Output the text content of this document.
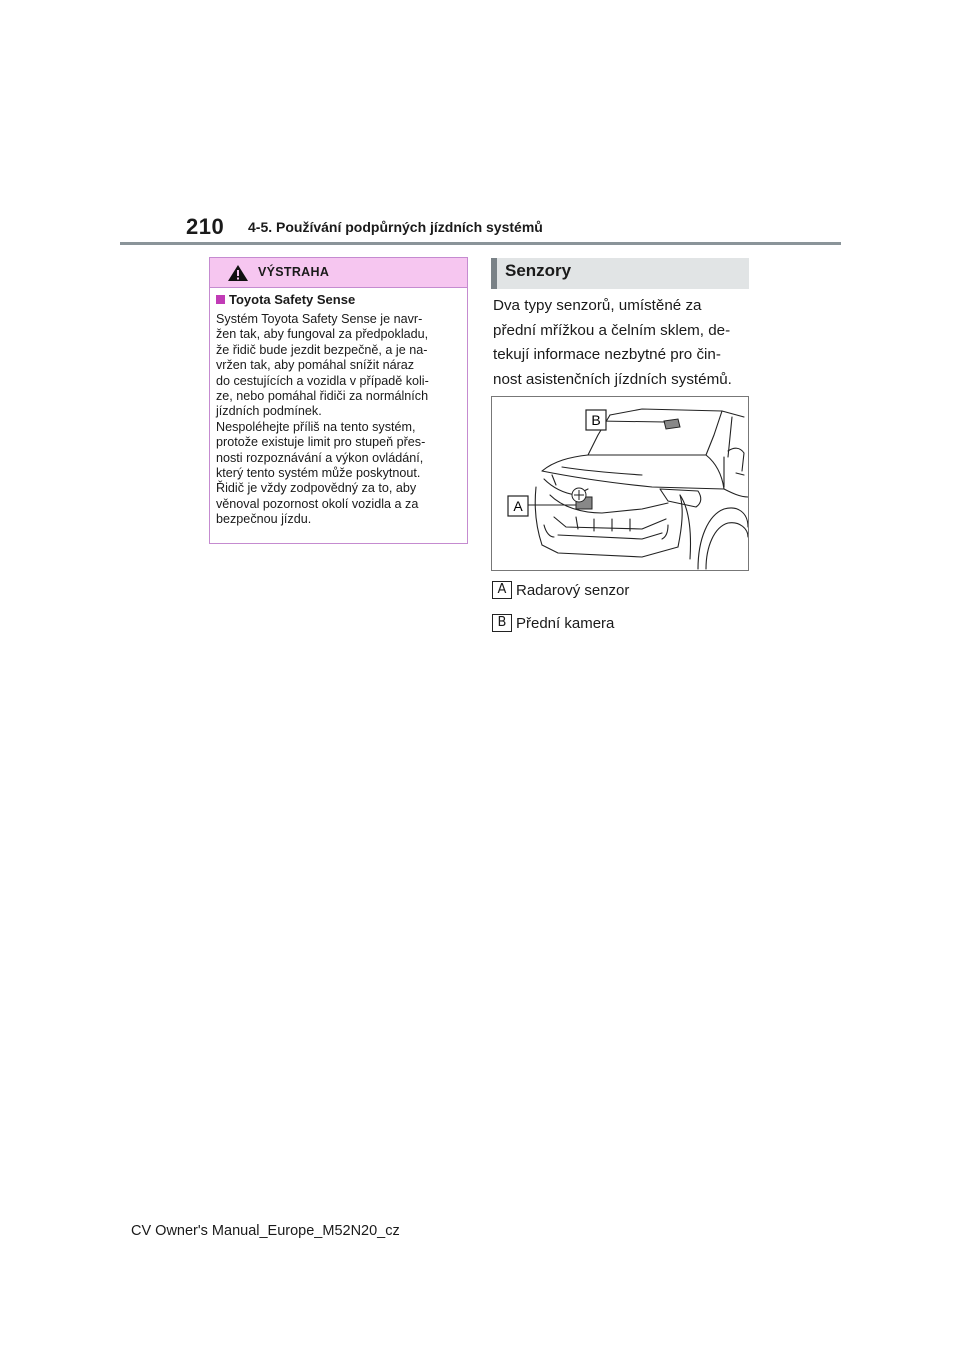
210 4-5. Používání podpůrných jízdních systémů
VÝSTRAHA
Toyota Safety Sense
Systém Toyota Safety Sense je navr-
žen tak, aby fungoval za předpokladu,
že řidič bude jezdit bezpečně, a je na-
vržen tak, aby pomáhal snížit náraz
do cestujících a vozidla v případě koli-
ze, nebo pomáhal řidiči za normálních
jízdních podmínek.
Nespoléhejte příliš na tento systém,
protože existuje limit pro stupeň přes-
nosti rozpoznávání a výkon ovládání,
který tento systém může poskytnout.
Řidič je vždy zodpovědný za to, aby
věnoval pozornost okolí vozidla a za
bezpečnou jízdu.
Senzory
Dva typy senzorů, umístěné za
přední mřížkou a čelním sklem, de-
tekují informace nezbytné pro čin-
nost asistenčních jízdních systémů.
B
A
A Radarový senzor
B Přední kamera
CV Owner's Manual_Europe_M52N20_cz
